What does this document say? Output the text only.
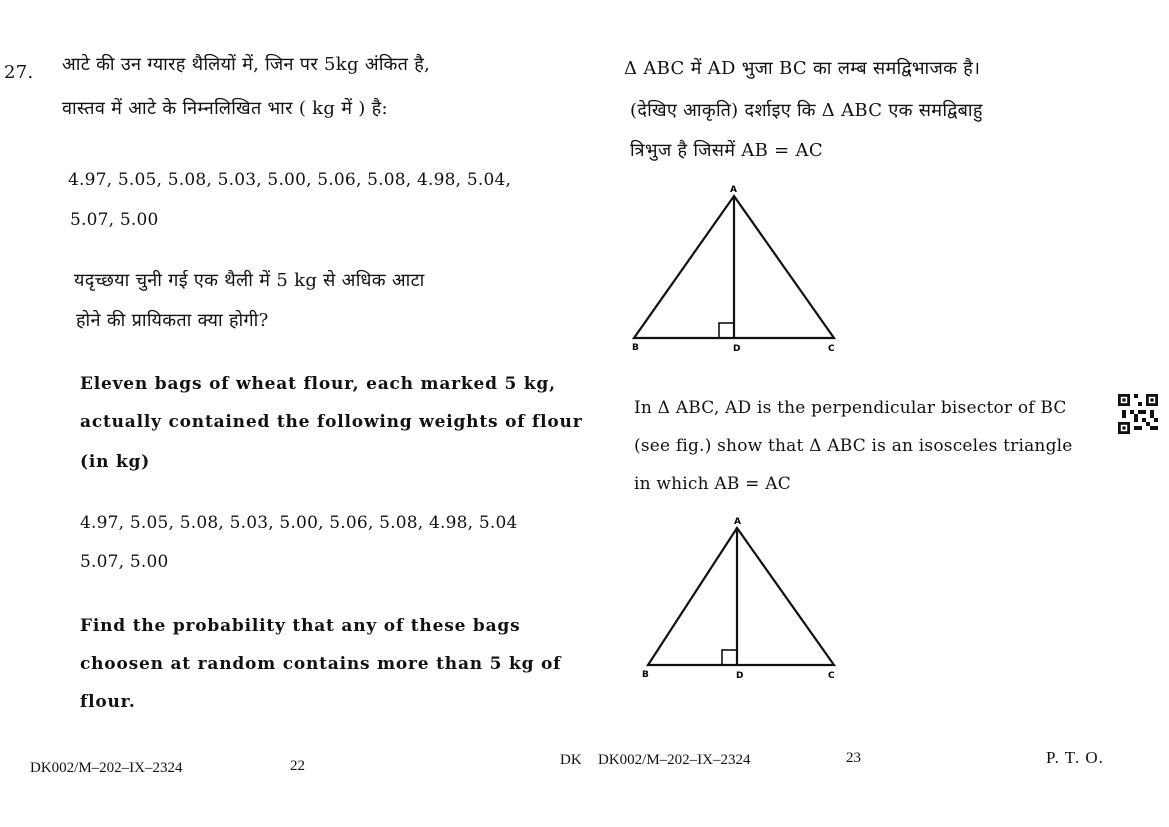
27. आटे की उन ग्यारह थैलियों में, जिन पर 5kg अंकित है,
वास्तव में आटे के निम्नलिखित भार ( kg में ) है:
4.97, 5.05, 5.08, 5.03, 5.00, 5.06, 5.08, 4.98, 5.04,
5.07, 5.00
यदृच्छया चुनी गई एक थैली में 5 kg से अधिक आटा
होने की प्रायिकता क्या होगी?
Eleven bags of wheat flour, each marked 5 kg,
actually contained the following weights of flour
(in kg)
4.97, 5.05, 5.08, 5.03, 5.00, 5.06, 5.08, 4.98, 5.04
5.07, 5.00
Find the probability that any of these bags
choosen at random contains more than 5 kg of
flour.
DK002/M–202–IX–2324	22
Δ ABC में AD भुजा BC का लम्ब समद्विभाजक है।
(देखिए आकृति) दर्शाइए कि Δ ABC एक समद्विबाहु
त्रिभुज है जिसमें AB = AC
A
B	C
D
In Δ ABC, AD is the perpendicular bisector of BC
(see fig.) show that Δ ABC is an isosceles triangle
in which AB = AC
A
B	C
D
DK DK002/M–202–IX–2324	23	P. T. O.
